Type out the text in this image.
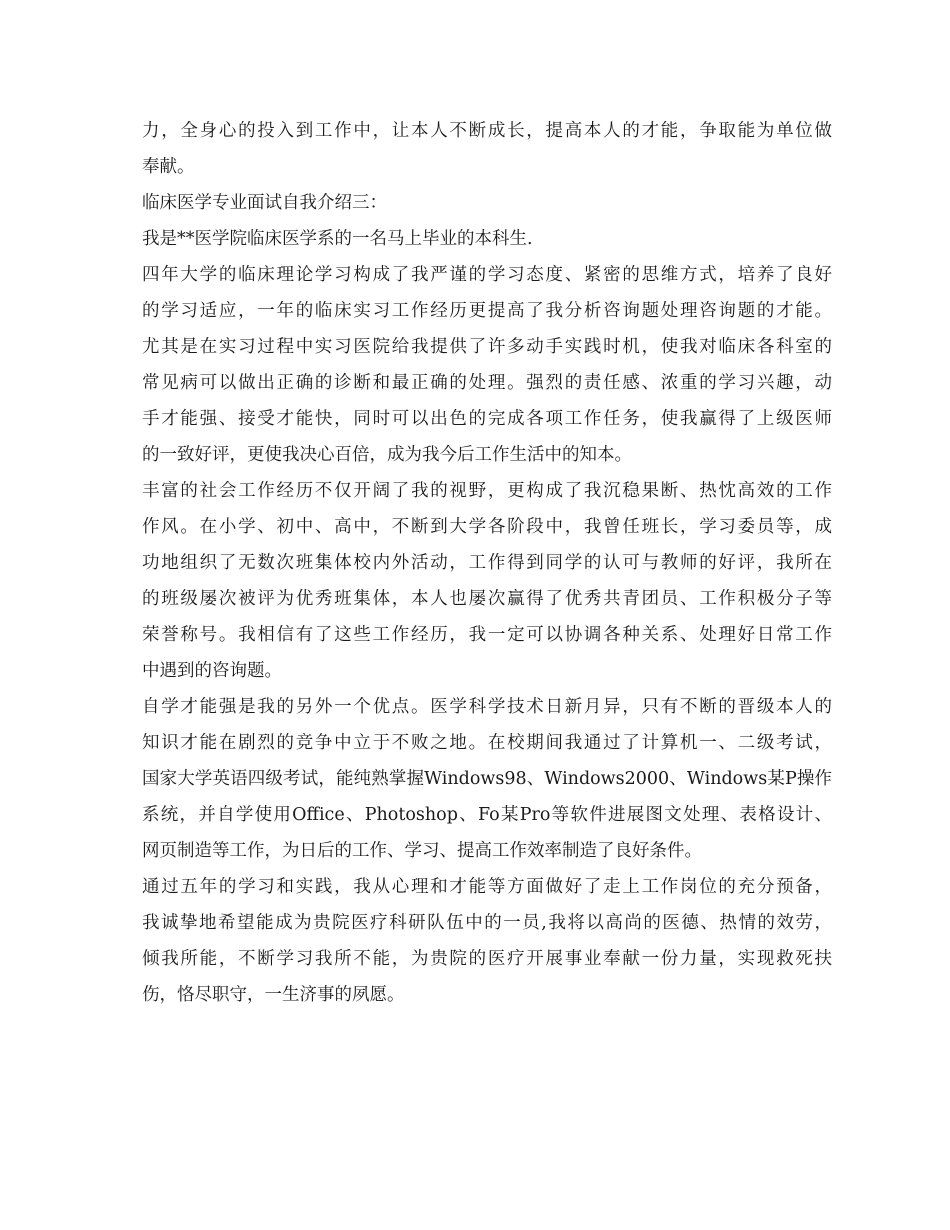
力，全身心的投入到工作中，让本人不断成长，提高本人的才能，争取能为单位做
奉献。
临床医学专业面试自我介绍三：
我是**医学院临床医学系的一名马上毕业的本科生.
四年大学的临床理论学习构成了我严谨的学习态度、紧密的思维方式，培养了良好
的学习适应，一年的临床实习工作经历更提高了我分析咨询题处理咨询题的才能。
尤其是在实习过程中实习医院给我提供了许多动手实践时机，使我对临床各科室的
常见病可以做出正确的诊断和最正确的处理。强烈的责任感、浓重的学习兴趣，动
手才能强、接受才能快，同时可以出色的完成各项工作任务，使我赢得了上级医师
的一致好评，更使我决心百倍，成为我今后工作生活中的知本。
丰富的社会工作经历不仅开阔了我的视野，更构成了我沉稳果断、热忱高效的工作
作风。在小学、初中、高中，不断到大学各阶段中，我曾任班长，学习委员等，成
功地组织了无数次班集体校内外活动，工作得到同学的认可与教师的好评，我所在
的班级屡次被评为优秀班集体，本人也屡次赢得了优秀共青团员、工作积极分子等
荣誉称号。我相信有了这些工作经历，我一定可以协调各种关系、处理好日常工作
中遇到的咨询题。
自学才能强是我的另外一个优点。医学科学技术日新月异，只有不断的晋级本人的
知识才能在剧烈的竞争中立于不败之地。在校期间我通过了计算机一、二级考试，
国家大学英语四级考试，能纯熟掌握Windows98、Windows2000、Windows某P操作
系统，并自学使用Office、Photoshop、Fo某Pro等软件进展图文处理、表格设计、
网页制造等工作，为日后的工作、学习、提高工作效率制造了良好条件。
通过五年的学习和实践，我从心理和才能等方面做好了走上工作岗位的充分预备，
我诚挚地希望能成为贵院医疗科研队伍中的一员,我将以高尚的医德、热情的效劳，
倾我所能，不断学习我所不能，为贵院的医疗开展事业奉献一份力量，实现救死扶
伤，恪尽职守，一生济事的夙愿。
